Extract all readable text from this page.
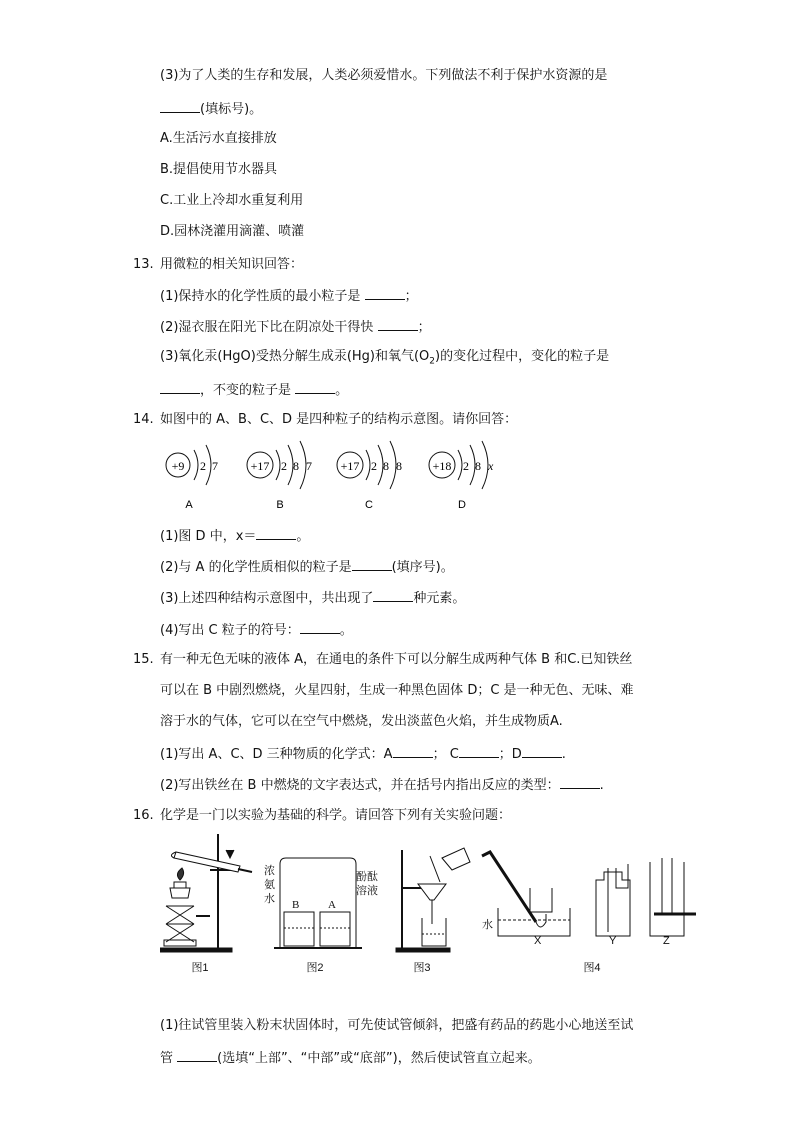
(3)为了人类的生存和发展，人类必须爱惜水。下列做法不利于保护水资源的是
(填标号)。
A.生活污水直接排放
B.提倡使用节水器具
C.工业上冷却水重复利用
D.园林浇灌用滴灌、喷灌
13. 用微粒的相关知识回答：
(1)保持水的化学性质的最小粒子是	；
(2)湿衣服在阳光下比在阴凉处干得快	；
(3)氧化汞(HgO)受热分解生成汞(Hg)和氧气$(O_2)$的变化过程中，变化的粒子是
，不变的粒子是	。
14. 如图中的 A、B、C、D 是四种粒子的结构示意图。请你回答：
+9 2 7
A
+17 2 8 7
B
+17 2 8 8
C
+18 2 8 x
D
(1)图 D 中，x＝	。
(2)与 A 的化学性质相似的粒子是	(填序号)。
(3)上述四种结构示意图中，共出现了	种元素。
(4)写出 C 粒子的符号：	。
15. 有一种无色无味的液体 A，在通电的条件下可以分解生成两种气体 B 和C.已知铁丝
可以在 B 中剧烈燃烧，火星四射，生成一种黑色固体 D；C 是一种无色、无味、难
溶于水的气体，它可以在空气中燃烧，发出淡蓝色火焰，并生成物质A.
(1)写出 A、C、D 三种物质的化学式：A	； C	；D	.
(2)写出铁丝在 B 中燃烧的文字表达式，并在括号内指出反应的类型：	.
16. 化学是一门以实验为基础的科学。请回答下列有关实验问题：
图1
浓
氨
水 B	A
酚酞
溶液
图2	图3
水
X	Y	Z
图4
(1)往试管里装入粉末状固体时，可先使试管倾斜，把盛有药品的药匙小心地送至试
管	(选填“上部”、“中部”或“底部”)，然后使试管直立起来。
